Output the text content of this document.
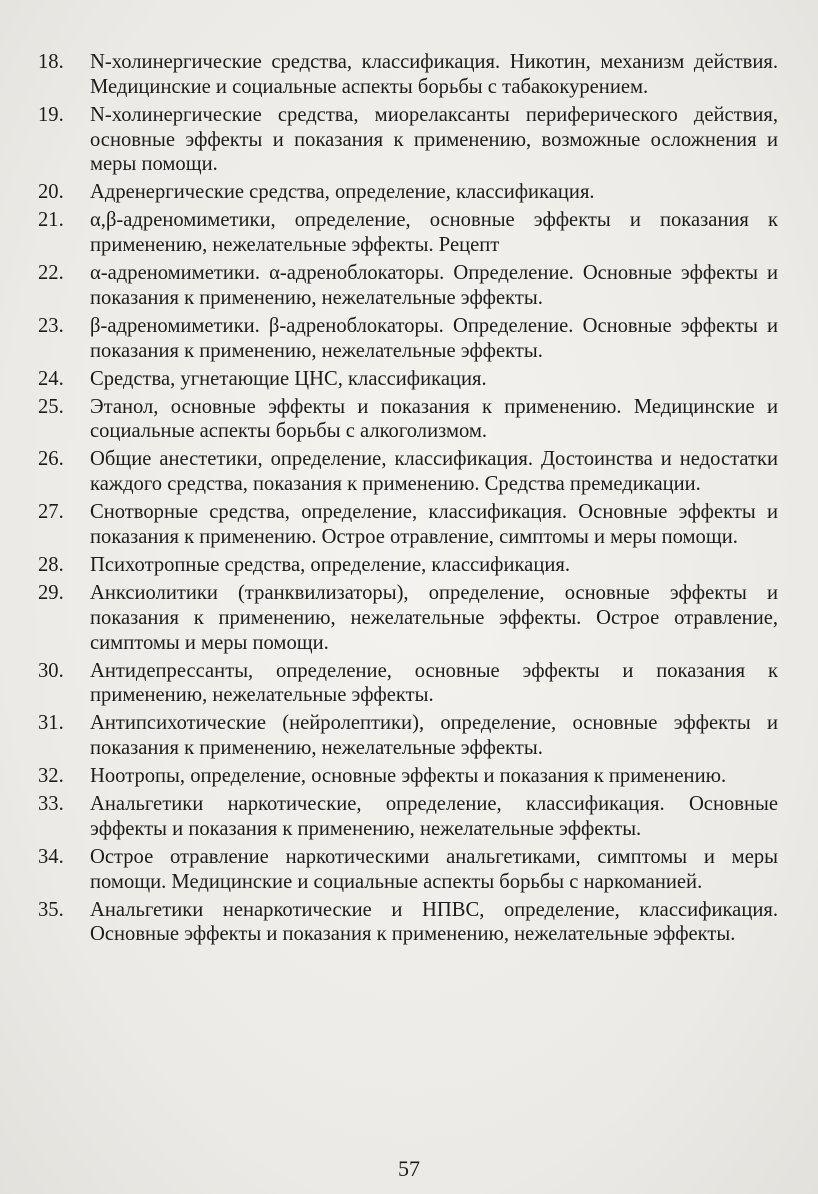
18.	N-холинергические средства, классификация. Никотин, механизм действия. Медицинские и социальные аспекты борьбы с табакокурением.
19.	N-холинергические средства, миорелаксанты периферического действия, основные эффекты и показания к применению, возможные осложнения и меры помощи.
20.	Адренергические средства, определение, классификация.
21.	α,β-адреномиметики, определение, основные эффекты и показания к применению, нежелательные эффекты. Рецепт
22.	α-адреномиметики. α-адреноблокаторы. Определение. Основные эффекты и показания к применению, нежелательные эффекты.
23.	β-адреномиметики. β-адреноблокаторы. Определение. Основные эффекты и показания к применению, нежелательные эффекты.
24.	Средства, угнетающие ЦНС, классификация.
25.	Этанол, основные эффекты и показания к применению. Медицинские и социальные аспекты борьбы с алкоголизмом.
26.	Общие анестетики, определение, классификация. Достоинства и недостатки каждого средства, показания к применению. Средства премедикации.
27.	Снотворные средства, определение, классификация. Основные эффекты и показания к применению. Острое отравление, симптомы и меры помощи.
28.	Психотропные средства, определение, классификация.
29.	Анксиолитики (транквилизаторы), определение, основные эффекты и показания к применению, нежелательные эффекты. Острое отравление, симптомы и меры помощи.
30.	Антидепрессанты, определение, основные эффекты и показания к применению, нежелательные эффекты.
31.	Антипсихотические (нейролептики), определение, основные эффекты и показания к применению, нежелательные эффекты.
32.	Ноотропы, определение, основные эффекты и показания к применению.
33.	Анальгетики наркотические, определение, классификация. Основные эффекты и показания к применению, нежелательные эффекты.
34.	Острое отравление наркотическими анальгетиками, симптомы и меры помощи. Медицинские и социальные аспекты борьбы с наркоманией.
35.	Анальгетики ненаркотические и НПВС, определение, классификация. Основные эффекты и показания к применению, нежелательные эффекты.
57
